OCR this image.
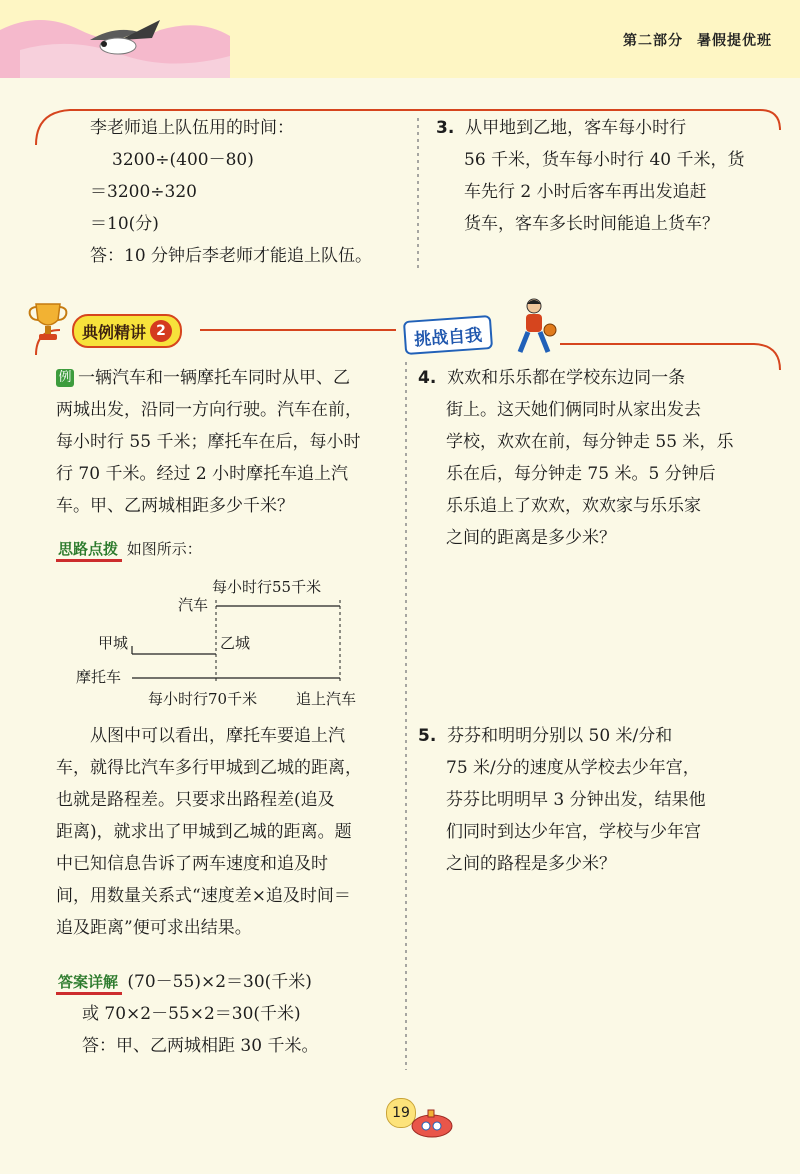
第二部分 暑假提优班
李老师追上队伍用的时间：
3200÷(400－80)
＝3200÷320
＝10(分)
答：10 分钟后李老师才能追上队伍。
3. 从甲地到乙地，客车每小时行
56 千米，货车每小时行 40 千米，货
车先行 2 小时后客车再出发追赶
货车，客车多长时间能追上货车？
典例精讲 2	挑战自我
例 一辆汽车和一辆摩托车同时从甲、乙
两城出发，沿同一方向行驶。汽车在前，
每小时行 55 千米；摩托车在后，每小时
行 70 千米。经过 2 小时摩托车追上汽
车。甲、乙两城相距多少千米？
思路点拨 如图所示：
每小时行55千米
汽车
甲城	乙城
摩托车
每小时行70千米	追上汽车
从图中可以看出，摩托车要追上汽
车，就得比汽车多行甲城到乙城的距离，
也就是路程差。只要求出路程差(追及
距离)，就求出了甲城到乙城的距离。题
中已知信息告诉了两车速度和追及时
间，用数量关系式“速度差×追及时间＝
追及距离”便可求出结果。
答案详解 (70－55)×2＝30(千米)
或 70×2－55×2＝30(千米)
答：甲、乙两城相距 30 千米。
4. 欢欢和乐乐都在学校东边同一条
街上。这天她们俩同时从家出发去
学校，欢欢在前，每分钟走 55 米，乐
乐在后，每分钟走 75 米。5 分钟后
乐乐追上了欢欢，欢欢家与乐乐家
之间的距离是多少米？
5. 芬芬和明明分别以 50 米/分和
75 米/分的速度从学校去少年宫，
芬芬比明明早 3 分钟出发，结果他
们同时到达少年宫，学校与少年宫
之间的路程是多少米？
19
